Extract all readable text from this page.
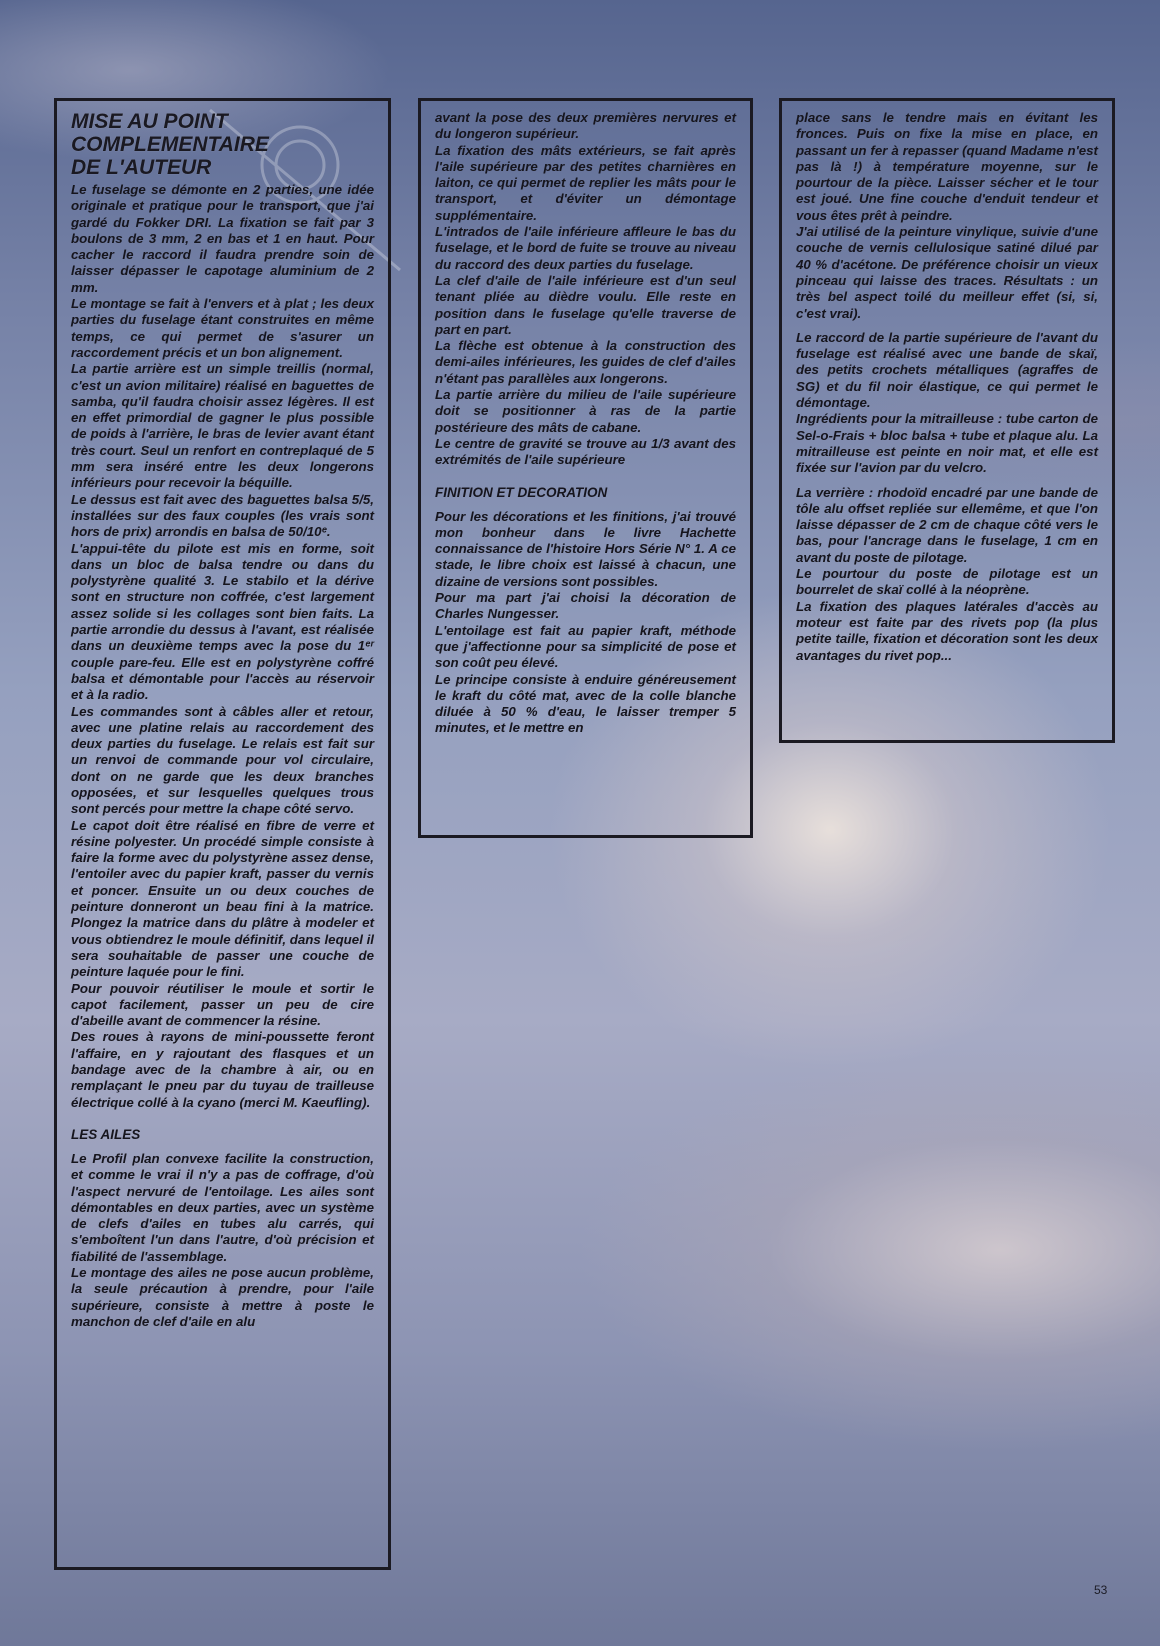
MISE AU POINT
COMPLEMENTAIRE
DE L'AUTEUR

Le fuselage se démonte en 2 parties, une idée originale et pratique pour le transport, que j'ai gardé du Fokker DRI. La fixation se fait par 3 boulons de 3 mm, 2 en bas et 1 en haut. Pour cacher le raccord il faudra prendre soin de laisser dépasser le capotage aluminium de 2 mm.

Le montage se fait à l'envers et à plat ; les deux parties du fuselage étant construites en même temps, ce qui permet de s'asurer un raccordement précis et un bon alignement.

La partie arrière est un simple treillis (normal, c'est un avion militaire) réalisé en baguettes de samba, qu'il faudra choisir assez légères. Il est en effet primordial de gagner le plus possible de poids à l'arrière, le bras de levier avant étant très court. Seul un renfort en contreplaqué de 5 mm sera inséré entre les deux longerons inférieurs pour recevoir la béquille.

Le dessus est fait avec des baguettes balsa 5/5, installées sur des faux couples (les vrais sont hors de prix) arrondis en balsa de 50/10ᵉ.

L'appui-tête du pilote est mis en forme, soit dans un bloc de balsa tendre ou dans du polystyrène qualité 3. Le stabilo et la dérive sont en structure non coffrée, c'est largement assez solide si les collages sont bien faits. La partie arrondie du dessus à l'avant, est réalisée dans un deuxième temps avec la pose du 1ᵉʳ couple pare-feu. Elle est en polystyrène coffré balsa et démontable pour l'accès au réservoir et à la radio.

Les commandes sont à câbles aller et retour, avec une platine relais au raccordement des deux parties du fuselage. Le relais est fait sur un renvoi de commande pour vol circulaire, dont on ne garde que les deux branches opposées, et sur lesquelles quelques trous sont percés pour mettre la chape côté servo.

Le capot doit être réalisé en fibre de verre et résine polyester. Un procédé simple consiste à faire la forme avec du polystyrène assez dense, l'entoiler avec du papier kraft, passer du vernis et poncer. Ensuite un ou deux couches de peinture donneront un beau fini à la matrice. Plongez la matrice dans du plâtre à modeler et vous obtiendrez le moule définitif, dans lequel il sera souhaitable de passer une couche de peinture laquée pour le fini.

Pour pouvoir réutiliser le moule et sortir le capot facilement, passer un peu de cire d'abeille avant de commencer la résine.

Des roues à rayons de mini-poussette feront l'affaire, en y rajoutant des flasques et un bandage avec de la chambre à air, ou en remplaçant le pneu par du tuyau de trailleuse électrique collé à la cyano (merci M. Kaeufling).

LES AILES

Le Profil plan convexe facilite la construction, et comme le vrai il n'y a pas de coffrage, d'où l'aspect nervuré de l'entoilage. Les ailes sont démontables en deux parties, avec un système de clefs d'ailes en tubes alu carrés, qui s'emboîtent l'un dans l'autre, d'où précision et fiabilité de l'assemblage.

Le montage des ailes ne pose aucun problème, la seule précaution à prendre, pour l'aile supérieure, consiste à mettre à poste le manchon de clef d'aile en alu

avant la pose des deux premières nervures et du longeron supérieur.

La fixation des mâts extérieurs, se fait après l'aile supérieure par des petites charnières en laiton, ce qui permet de replier les mâts pour le transport, et d'éviter un démontage supplémentaire.

L'intrados de l'aile inférieure affleure le bas du fuselage, et le bord de fuite se trouve au niveau du raccord des deux parties du fuselage.

La clef d'aile de l'aile inférieure est d'un seul tenant pliée au dièdre voulu. Elle reste en position dans le fuselage qu'elle traverse de part en part.

La flèche est obtenue à la construction des demi-ailes inférieures, les guides de clef d'ailes n'étant pas parallèles aux longerons.

La partie arrière du milieu de l'aile supérieure doit se positionner à ras de la partie postérieure des mâts de cabane.

Le centre de gravité se trouve au 1/3 avant des extrémités de l'aile supérieure

FINITION ET DECORATION

Pour les décorations et les finitions, j'ai trouvé mon bonheur dans le livre Hachette connaissance de l'histoire Hors Série N° 1. A ce stade, le libre choix est laissé à chacun, une dizaine de versions sont possibles.

Pour ma part j'ai choisi la décoration de Charles Nungesser.

L'entoilage est fait au papier kraft, méthode que j'affectionne pour sa simplicité de pose et son coût peu élevé.

Le principe consiste à enduire généreusement le kraft du côté mat, avec de la colle blanche diluée à 50 % d'eau, le laisser tremper 5 minutes, et le mettre en

place sans le tendre mais en évitant les fronces. Puis on fixe la mise en place, en passant un fer à repasser (quand Madame n'est pas là !) à température moyenne, sur le pourtour de la pièce. Laisser sécher et le tour est joué. Une fine couche d'enduit tendeur et vous êtes prêt à peindre.

J'ai utilisé de la peinture vinylique, suivie d'une couche de vernis cellulosique satiné dilué par 40 % d'acétone. De préférence choisir un vieux pinceau qui laisse des traces. Résultats : un très bel aspect toilé du meilleur effet (si, si, c'est vrai).

Le raccord de la partie supérieure de l'avant du fuselage est réalisé avec une bande de skaï, des petits crochets métalliques (agraffes de SG) et du fil noir élastique, ce qui permet le démontage.

Ingrédients pour la mitrailleuse : tube carton de Sel-o-Frais + bloc balsa + tube et plaque alu. La mitrailleuse est peinte en noir mat, et elle est fixée sur l'avion par du velcro.

La verrière : rhodoïd encadré par une bande de tôle alu offset repliée sur ellemême, et que l'on laisse dépasser de 2 cm de chaque côté vers le bas, pour l'ancrage dans le fuselage, 1 cm en avant du poste de pilotage.

Le pourtour du poste de pilotage est un bourrelet de skaï collé à la néoprène.

La fixation des plaques latérales d'accès au moteur est faite par des rivets pop (la plus petite taille, fixation et décoration sont les deux avantages du rivet pop...

53
